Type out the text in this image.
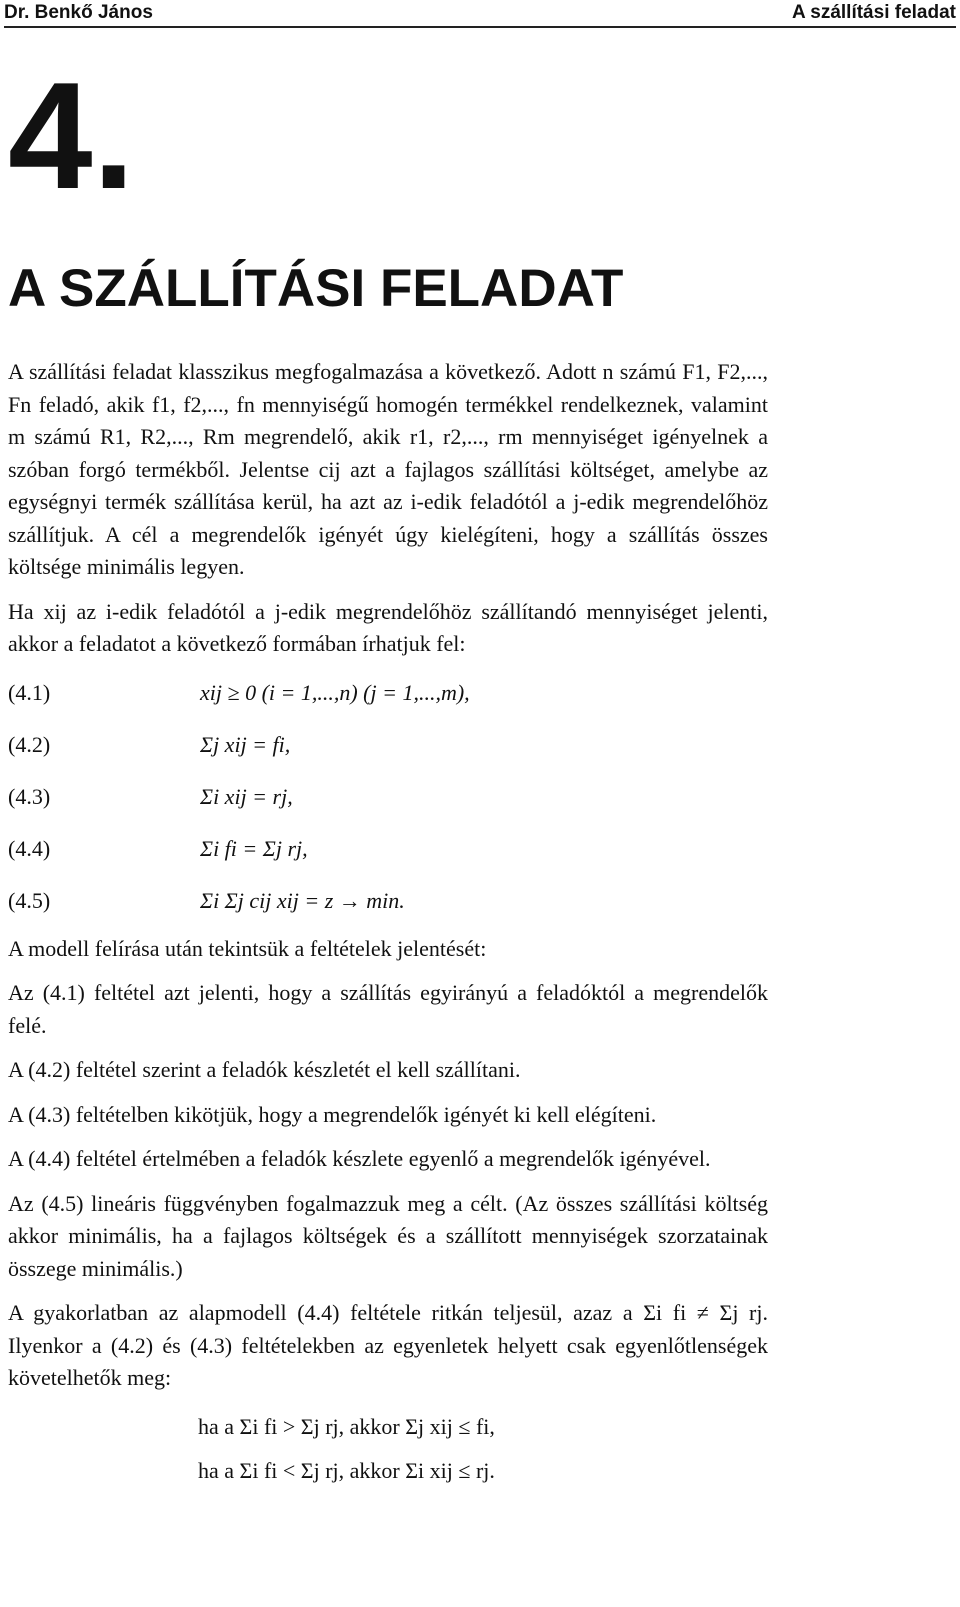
Dr. Benkő János	A szállítási feladat
4.
A SZÁLLÍTÁSI FELADAT

A szállítási feladat klasszikus megfogalmazása a következő. Adott n számú F1, F2,..., Fn feladó, akik f1, f2,..., fn mennyiségű homogén termékkel rendelkeznek, valamint m számú R1, R2,..., Rm megrendelő, akik r1, r2,..., rm mennyiséget igényelnek a szóban forgó termékből. Jelentse cij azt a fajlagos szállítási költséget, amelybe az egységnyi termék szállítása kerül, ha azt az i-edik feladótól a j-edik megrendelőhöz szállítjuk. A cél a megrendelők igényét úgy kielégíteni, hogy a szállítás összes költsége minimális legyen.

Ha xij az i-edik feladótól a j-edik megrendelőhöz szállítandó mennyiséget jelenti, akkor a feladatot a következő formában írhatjuk fel:

(4.1)	xij ≥ 0 (i = 1,...,n) (j = 1,...,m),
(4.2)	Σj xij = fi,
(4.3)	Σi xij = rj,
(4.4)	Σi fi = Σj rj,
(4.5)	Σi Σj cij xij = z → min.

A modell felírása után tekintsük a feltételek jelentését:

Az (4.1) feltétel azt jelenti, hogy a szállítás egyirányú a feladóktól a megrendelők felé.

A (4.2) feltétel szerint a feladók készletét el kell szállítani.

A (4.3) feltételben kikötjük, hogy a megrendelők igényét ki kell elégíteni.

A (4.4) feltétel értelmében a feladók készlete egyenlő a megrendelők igényével.

Az (4.5) lineáris függvényben fogalmazzuk meg a célt. (Az összes szállítási költség akkor minimális, ha a fajlagos költségek és a szállított mennyiségek szorzatainak összege minimális.)

A gyakorlatban az alapmodell (4.4) feltétele ritkán teljesül, azaz a Σi fi ≠ Σj rj. Ilyenkor a (4.2) és (4.3) feltételekben az egyenletek helyett csak egyenlőtlenségek követelhetők meg:

ha a Σi fi > Σj rj, akkor Σj xij ≤ fi,
ha a Σi fi < Σj rj, akkor Σi xij ≤ rj.
